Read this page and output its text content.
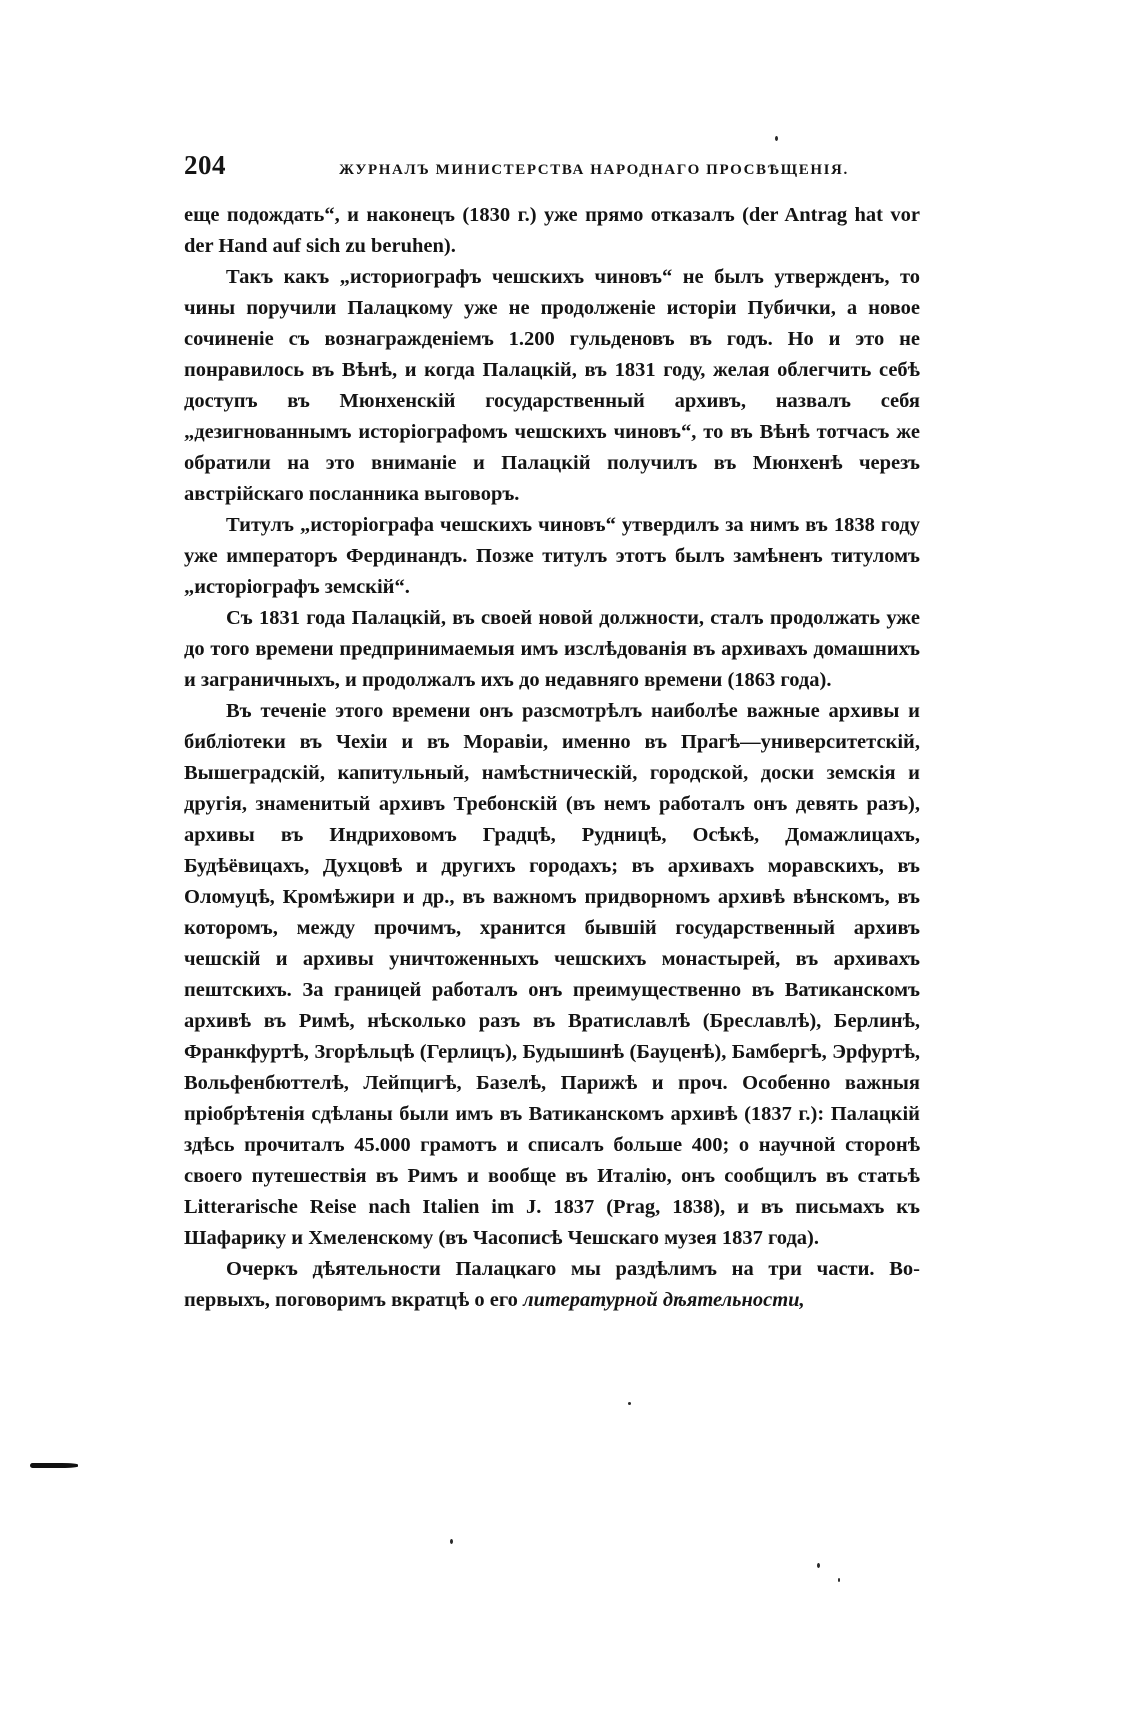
204	ЖУРНАЛЪ МИНИСТЕРСТВА НАРОДНАГО ПРОСВѢЩЕНІЯ.

еще подождать“, и наконецъ (1830 г.) уже прямо отказалъ (der Antrag hat vor der Hand auf sich zu beruhen).

Такъ какъ „историографъ чешскихъ чиновъ“ не былъ утвержденъ, то чины поручили Палацкому уже не продолженіе исторіи Пубички, а новое сочиненіе съ вознагражденіемъ 1.200 гульденовъ въ годъ. Но и это не понравилось въ Вѣнѣ, и когда Палацкій, въ 1831 году, желая облегчить себѣ доступъ въ Мюнхенскій государственный архивъ, назвалъ себя „дезигнованнымъ исторіографомъ чешскихъ чиновъ“, то въ Вѣнѣ тотчасъ же обратили на это вниманіе и Палацкій получилъ въ Мюнхенѣ черезъ австрійскаго посланника выговоръ.

Титулъ „исторіографа чешскихъ чиновъ“ утвердилъ за нимъ въ 1838 году уже императоръ Фердинандъ. Позже титулъ этотъ былъ замѣненъ титуломъ „исторіографъ земскій“.

Съ 1831 года Палацкій, въ своей новой должности, сталъ продолжать уже до того времени предпринимаемыя имъ изслѣдованія въ архивахъ домашнихъ и заграничныхъ, и продолжалъ ихъ до недавняго времени (1863 года).

Въ теченіе этого времени онъ разсмотрѣлъ наиболѣе важные архивы и библіотеки въ Чехіи и въ Моравіи, именно въ Прагѣ—университетскій, Вышеградскій, капитульный, намѣстническій, городской, доски земскія и другія, знаменитый архивъ Требонскій (въ немъ работалъ онъ девять разъ), архивы въ Индриховомъ Градцѣ, Рудницѣ, Осѣкѣ, Домажлицахъ, Будѣёвицахъ, Духцовѣ и другихъ городахъ; въ архивахъ моравскихъ, въ Оломуцѣ, Кромѣжири и др., въ важномъ придворномъ архивѣ вѣнскомъ, въ которомъ, между прочимъ, хранится бывшій государственный архивъ чешскій и архивы уничтоженныхъ чешскихъ монастырей, въ архивахъ пештскихъ. За границей работалъ онъ преимущественно въ Ватиканскомъ архивѣ въ Римѣ, нѣсколько разъ въ Вратиславлѣ (Бреславлѣ), Берлинѣ, Франкфуртѣ, Згорѣльцѣ (Герлицъ), Будышинѣ (Бауценѣ), Бамбергѣ, Эрфуртѣ, Вольфенбюттелѣ, Лейпцигѣ, Базелѣ, Парижѣ и проч. Особенно важныя пріобрѣтенія сдѣланы были имъ въ Ватиканскомъ архивѣ (1837 г.): Палацкій здѣсь прочиталъ 45.000 грамотъ и списалъ больше 400; о научной сторонѣ своего путешествія въ Римъ и вообще въ Италію, онъ сообщилъ въ статьѣ Litterarische Reise nach Italien im J. 1837 (Prag, 1838), и въ письмахъ къ Шафарику и Хмеленскому (въ Часописѣ Чешскаго музея 1837 года).

Очеркъ дѣятельности Палацкаго мы раздѣлимъ на три части. Во-первыхъ, поговоримъ вкратцѣ о его литературной дѣятельности,
